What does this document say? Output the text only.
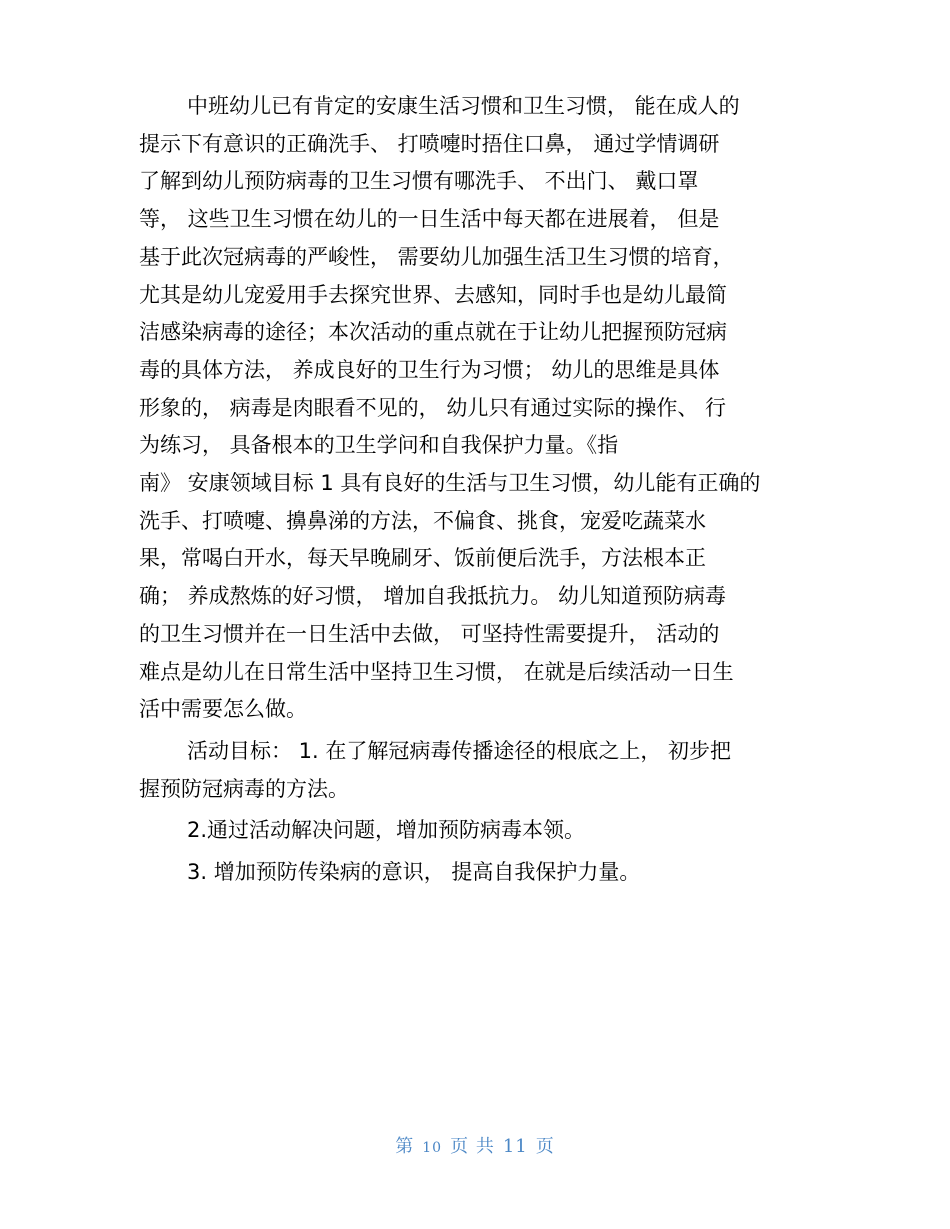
中班幼儿已有肯定的安康生活习惯和卫生习惯， 能在成人的
提示下有意识的正确洗手、 打喷嚏时捂住口鼻， 通过学情调研
了解到幼儿预防病毒的卫生习惯有哪洗手、 不出门、 戴口罩
等， 这些卫生习惯在幼儿的一日生活中每天都在进展着， 但是
基于此次冠病毒的严峻性， 需要幼儿加强生活卫生习惯的培育，
尤其是幼儿宠爱用手去探究世界、去感知，同时手也是幼儿最简
洁感染病毒的途径；本次活动的重点就在于让幼儿把握预防冠病
毒的具体方法， 养成良好的卫生行为习惯； 幼儿的思维是具体
形象的， 病毒是肉眼看不见的， 幼儿只有通过实际的操作、 行
为练习， 具备根本的卫生学问和自我保护力量。《指
南》 安康领域目标 1 具有良好的生活与卫生习惯，幼儿能有正确的
洗手、打喷嚏、擤鼻涕的方法，不偏食、挑食，宠爱吃蔬菜水
果，常喝白开水，每天早晚刷牙、饭前便后洗手，方法根本正
确； 养成熬炼的好习惯， 增加自我抵抗力。 幼儿知道预防病毒
的卫生习惯并在一日生活中去做， 可坚持性需要提升， 活动的
难点是幼儿在日常生活中坚持卫生习惯， 在就是后续活动一日生
活中需要怎么做。

活动目标： 1. 在了解冠病毒传播途径的根底之上， 初步把
握预防冠病毒的方法。

2.通过活动解决问题，增加预防病毒本领。

3. 增加预防传染病的意识， 提高自我保护力量。

第 10 页 共 11 页
